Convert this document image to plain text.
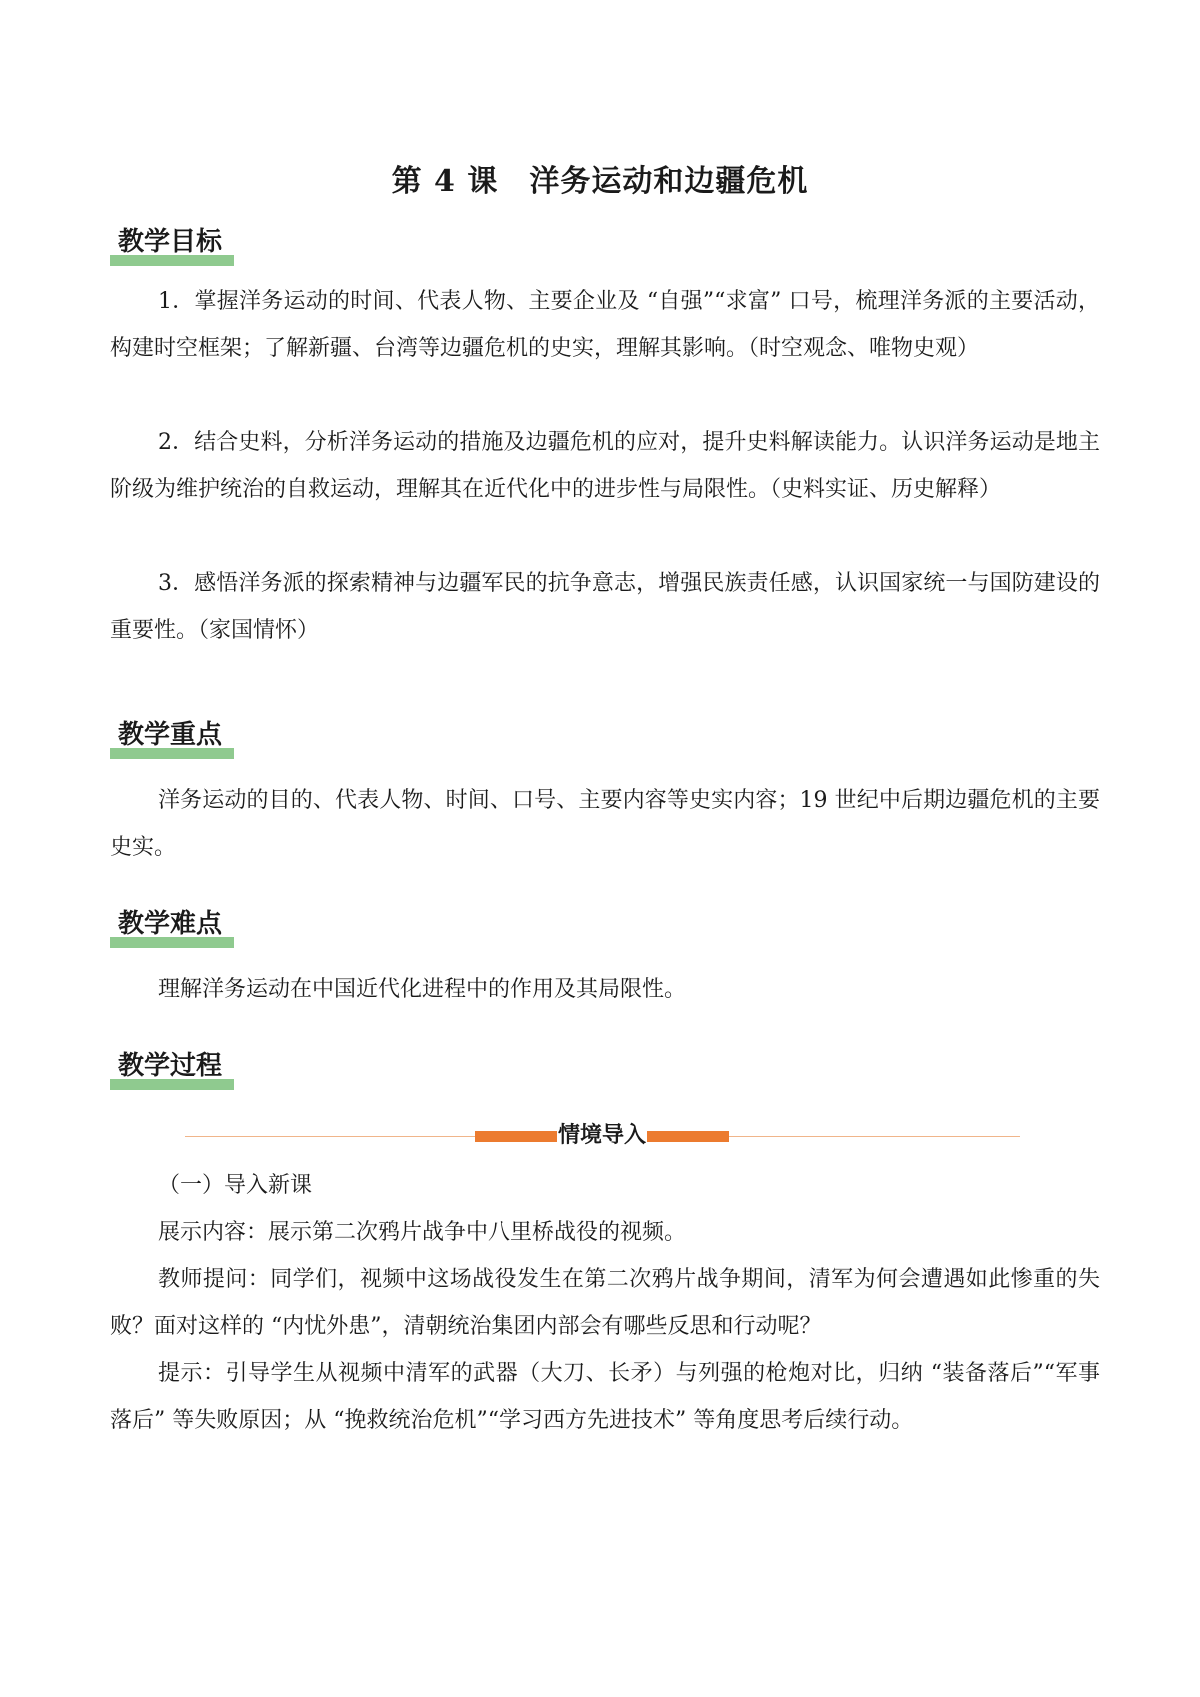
第 4 课　洋务运动和边疆危机
教学目标
1．掌握洋务运动的时间、代表人物、主要企业及 “自强”“求富” 口号，梳理洋务派的主要活动，构建时空框架；了解新疆、台湾等边疆危机的史实，理解其影响。（时空观念、唯物史观）
2．结合史料，分析洋务运动的措施及边疆危机的应对，提升史料解读能力。认识洋务运动是地主阶级为维护统治的自救运动，理解其在近代化中的进步性与局限性。（史料实证、历史解释）
3．感悟洋务派的探索精神与边疆军民的抗争意志，增强民族责任感，认识国家统一与国防建设的重要性。（家国情怀）
教学重点
洋务运动的目的、代表人物、时间、口号、主要内容等史实内容；19 世纪中后期边疆危机的主要史实。
教学难点
理解洋务运动在中国近代化进程中的作用及其局限性。
教学过程
情境导入
（一）导入新课
展示内容：展示第二次鸦片战争中八里桥战役的视频。
教师提问：同学们，视频中这场战役发生在第二次鸦片战争期间，清军为何会遭遇如此惨重的失败？面对这样的 “内忧外患”，清朝统治集团内部会有哪些反思和行动呢？
提示：引导学生从视频中清军的武器（大刀、长矛）与列强的枪炮对比，归纳 “装备落后”“军事落后” 等失败原因；从 “挽救统治危机”“学习西方先进技术” 等角度思考后续行动。
